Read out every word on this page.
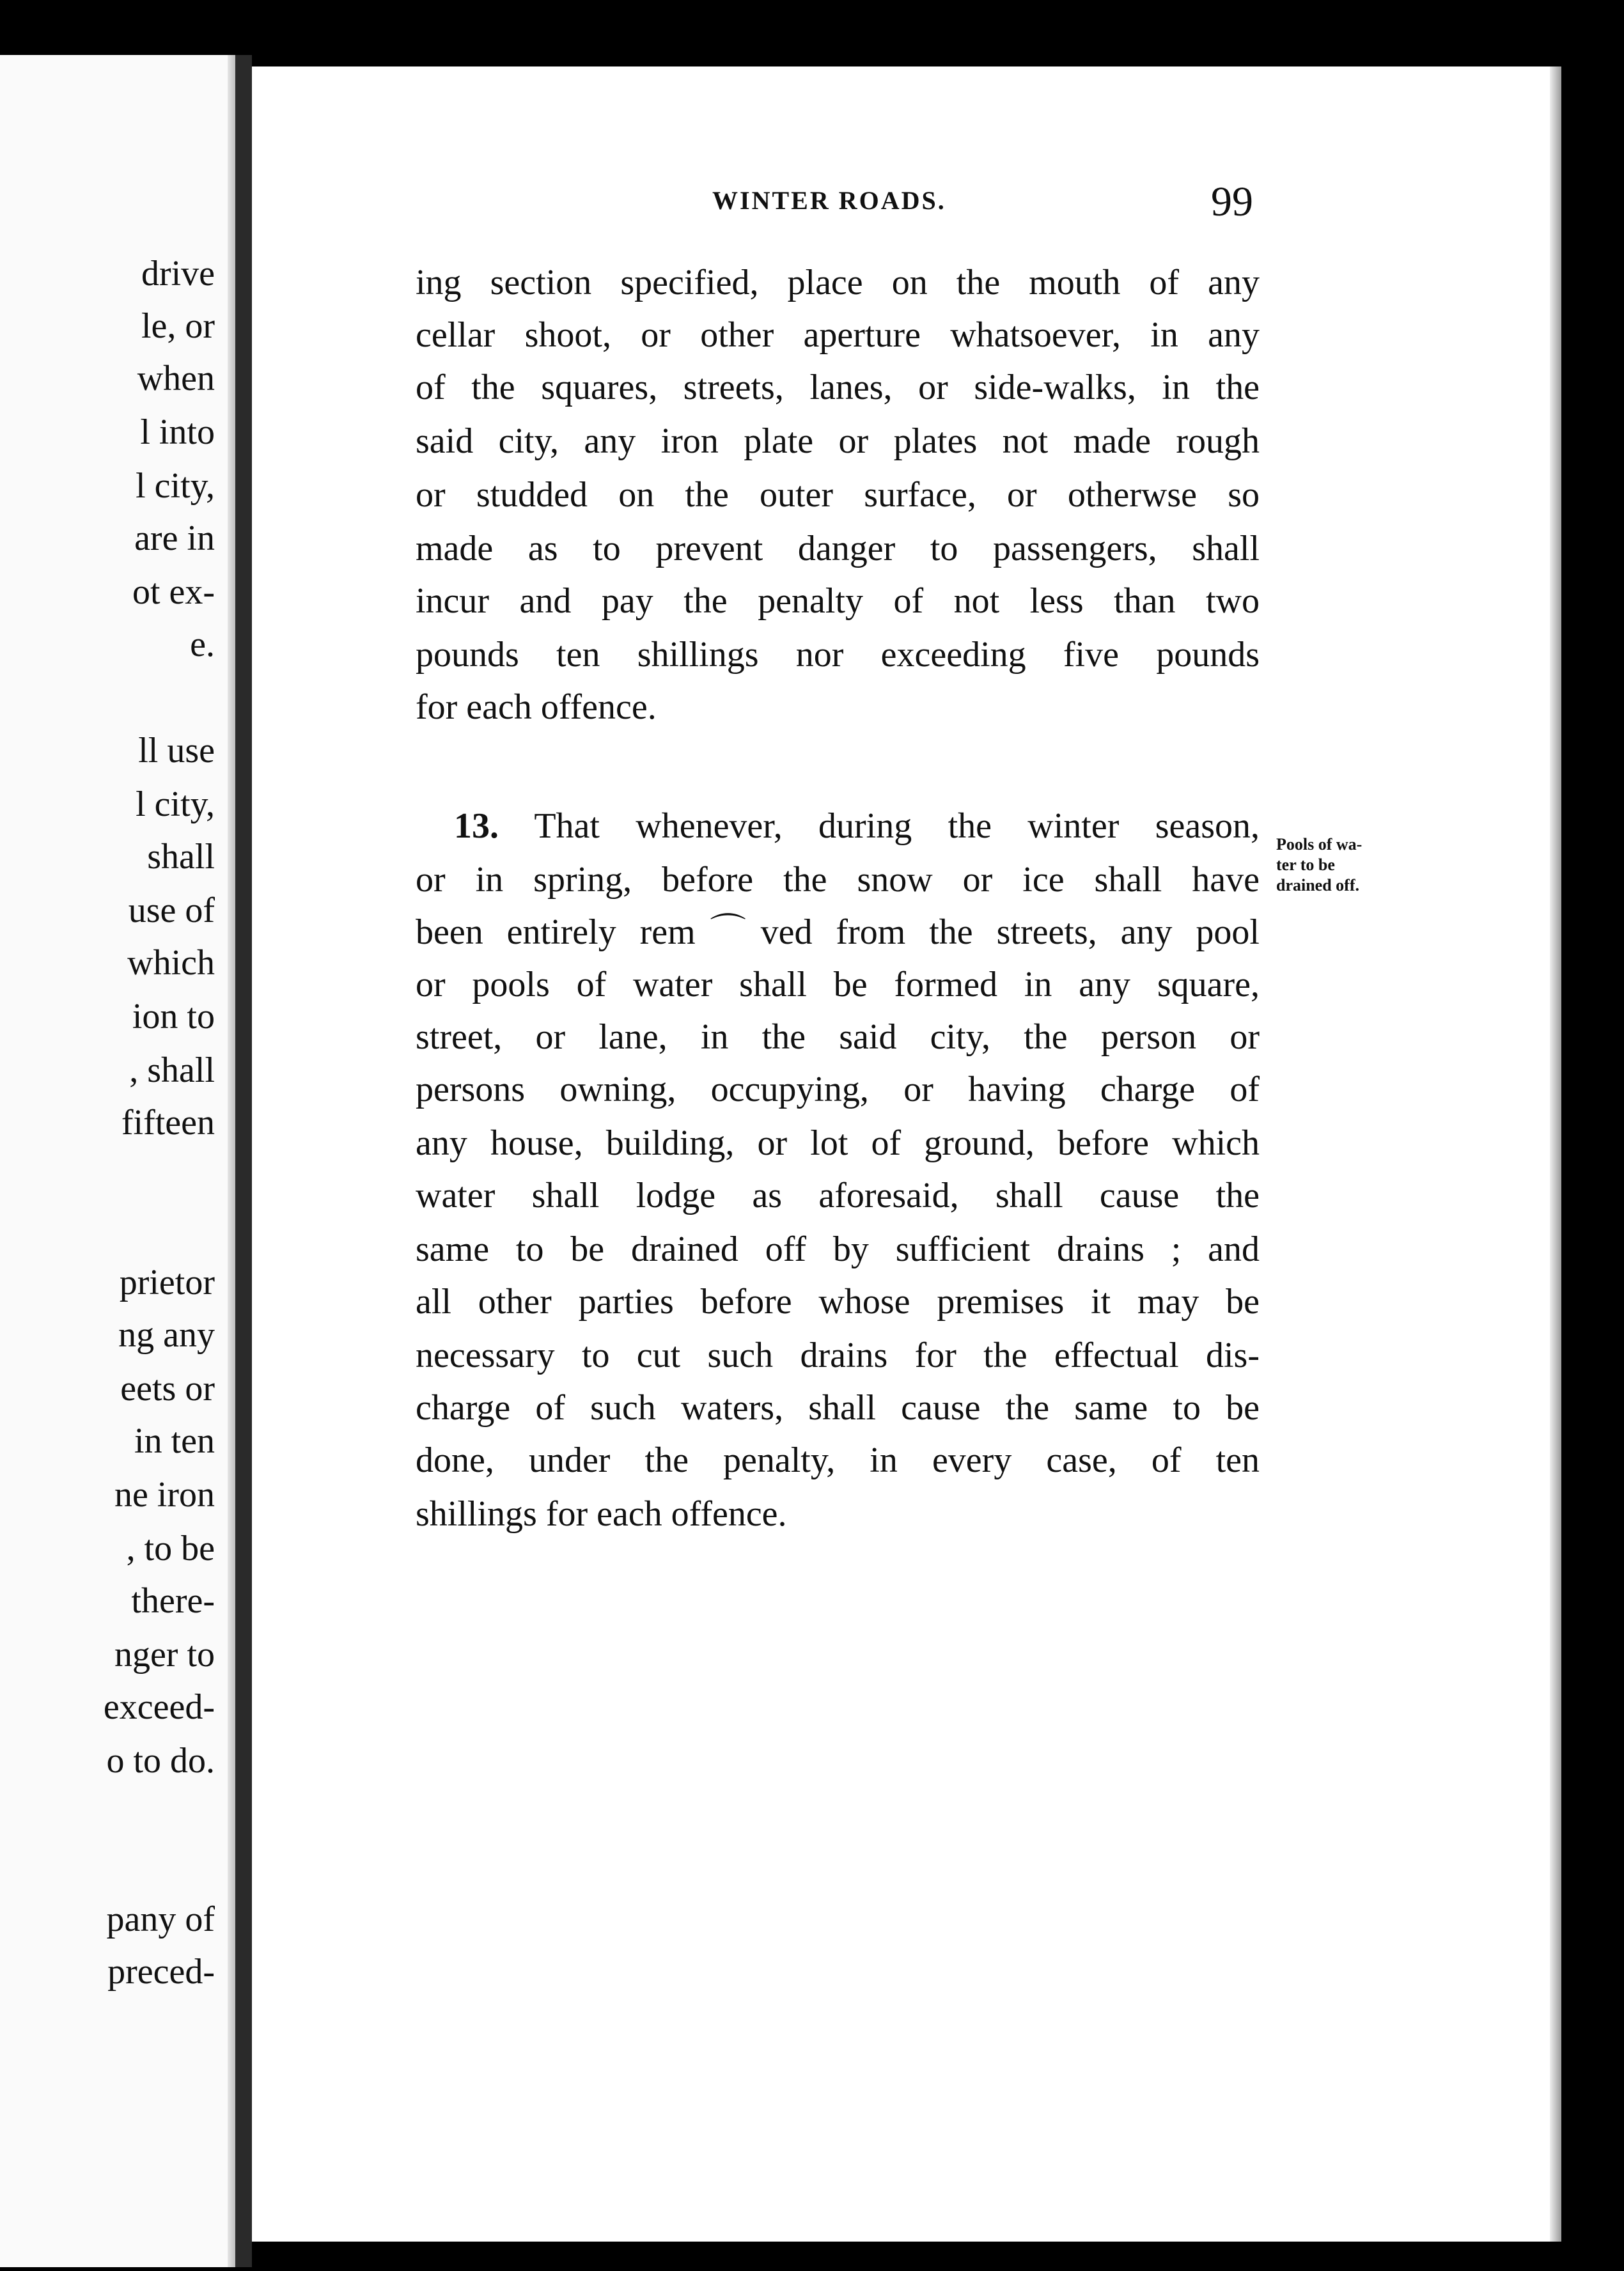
drive
le, or
when
l into
l city,
are in
ot ex-
e.
ll use
l city,
shall
use of
which
ion to
, shall
fifteen
prietor
ng any
eets or
in ten
ne iron
, to be
there-
nger to
exceed-
o to do.
pany of
preced-
WINTER ROADS.	99
ing section specified, place on the mouth of any
cellar shoot, or other aperture whatsoever, in any
of the squares, streets, lanes, or side-walks, in the
said city, any iron plate or plates not made rough
or studded on the outer surface, or otherwse so
made as to prevent danger to passengers, shall
incur and pay the penalty of not less than two
pounds ten shillings nor exceeding five pounds
for each offence.
13. That whenever, during the winter season,
or in spring, before the snow or ice shall have
been entirely rem⌒ved from the streets, any pool
or pools of water shall be formed in any square,
street, or lane, in the said city, the person or
persons owning, occupying, or having charge of
any house, building, or lot of ground, before which
water shall lodge as aforesaid, shall cause the
same to be drained off by sufficient drains ; and
all other parties before whose premises it may be
necessary to cut such drains for the effectual dis-
charge of such waters, shall cause the same to be
done, under the penalty, in every case, of ten
shillings for each offence.
Pools of wa-
ter to be
drained off.
